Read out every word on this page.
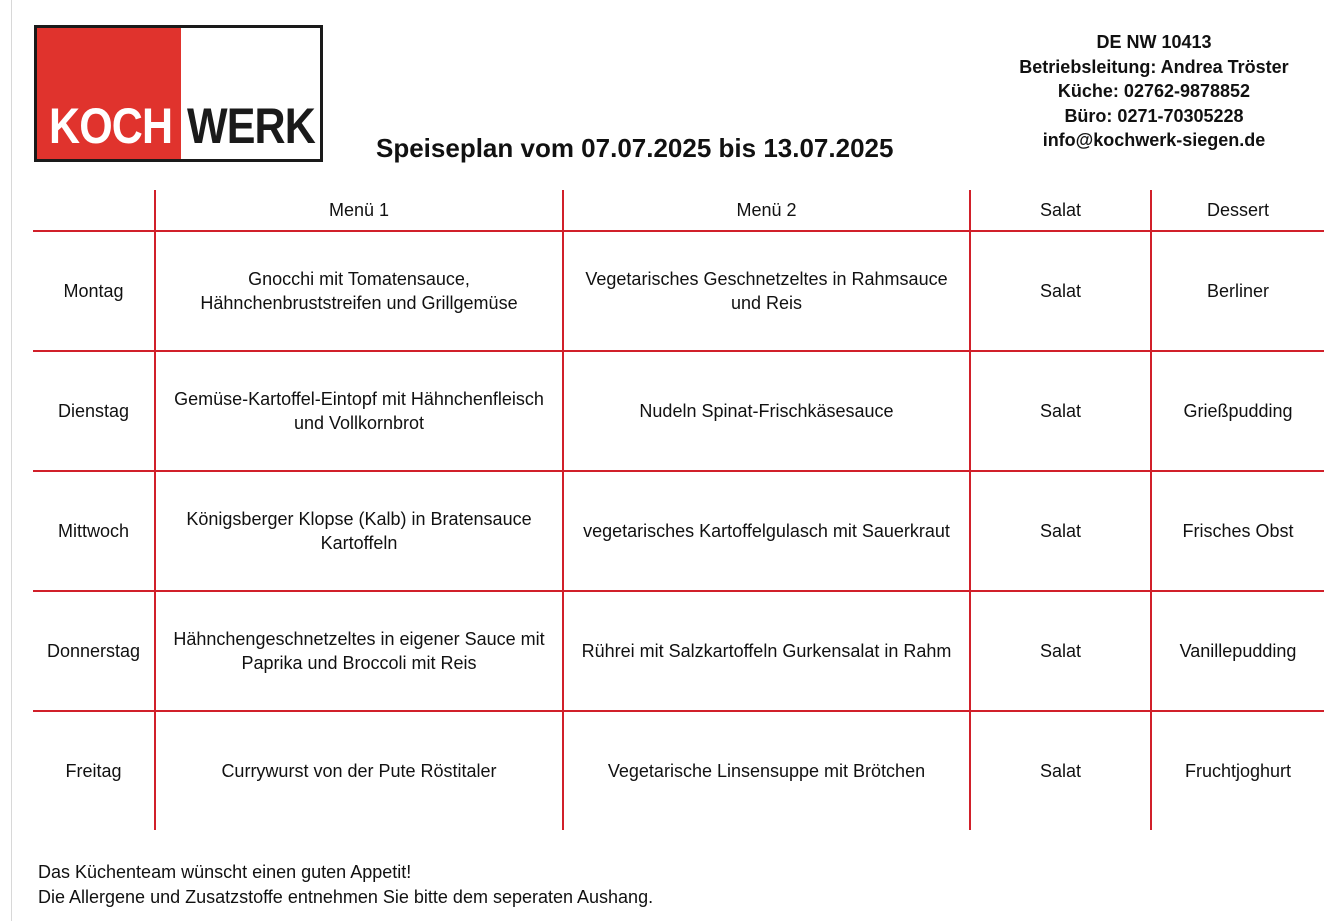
KOCH WERK Speiseplan vom 07.07.2025 bis 13.07.2025
DE NW 10413
Betriebsleitung: Andrea Tröster
Küche: 02762-9878852
Büro: 0271-70305228
info@kochwerk-siegen.de
	Menü 1	Menü 2	Salat	Dessert
Montag	Gnocchi mit Tomatensauce, Hähnchenbruststreifen und Grillgemüse	Vegetarisches Geschnetzeltes in Rahmsauce und Reis	Salat	Berliner
Dienstag	Gemüse-Kartoffel-Eintopf mit Hähnchenfleisch und Vollkornbrot	Nudeln Spinat-Frischkäsesauce	Salat	Grießpudding
Mittwoch	Königsberger Klopse (Kalb) in Bratensauce Kartoffeln	vegetarisches Kartoffelgulasch mit Sauerkraut	Salat	Frisches Obst
Donnerstag	Hähnchengeschnetzeltes in eigener Sauce mit Paprika und Broccoli mit Reis	Rührei mit Salzkartoffeln Gurkensalat in Rahm	Salat	Vanillepudding
Freitag	Currywurst von der Pute Röstitaler	Vegetarische Linsensuppe mit Brötchen	Salat	Fruchtjoghurt
Das Küchenteam wünscht einen guten Appetit!
Die Allergene und Zusatzstoffe entnehmen Sie bitte dem seperaten Aushang.
